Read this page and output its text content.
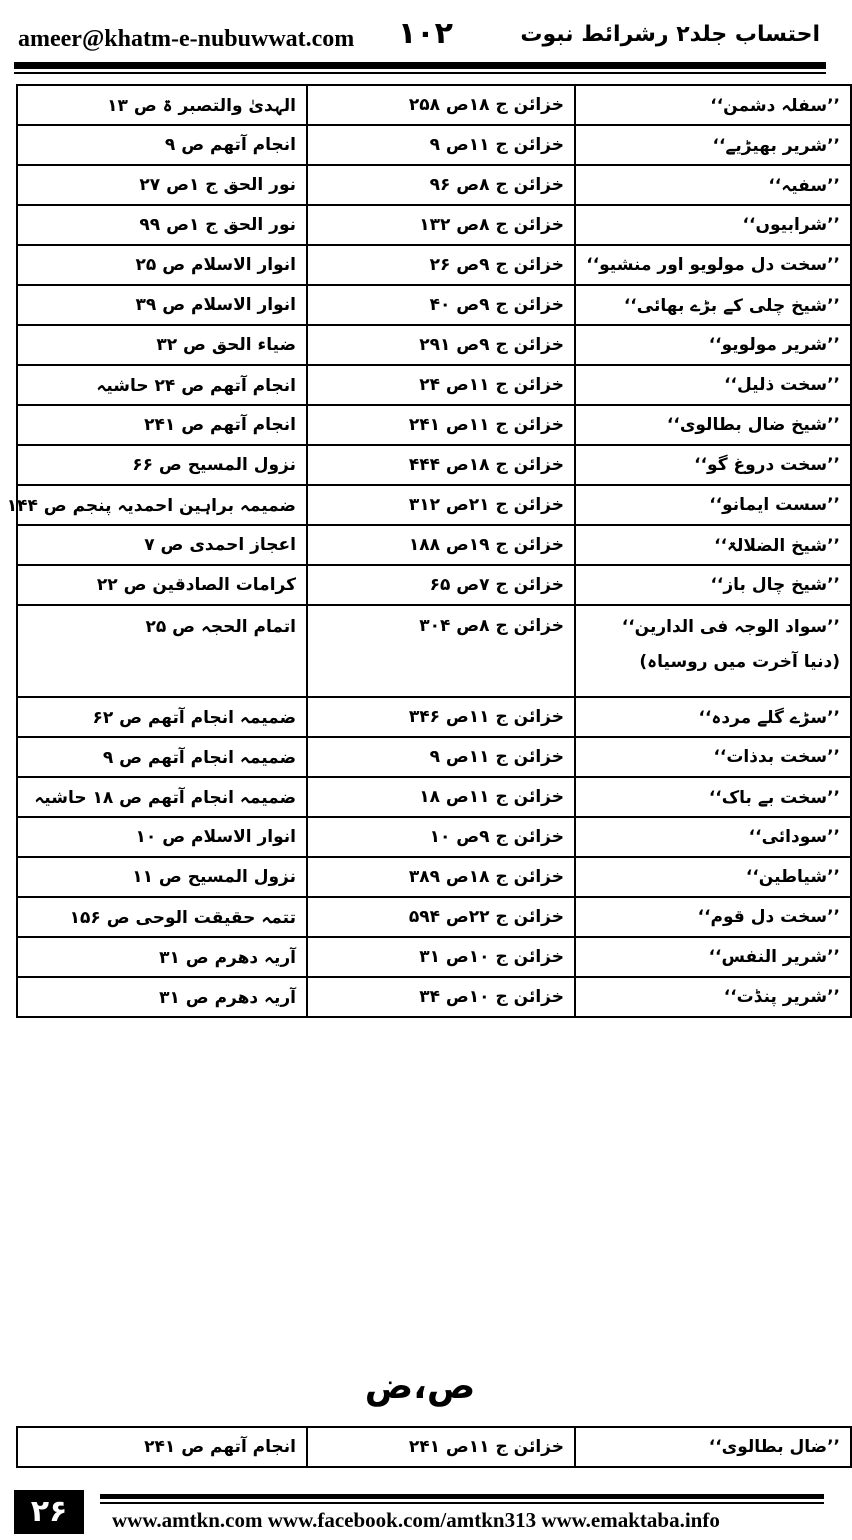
ameer@khatm-e-nubuwwat.com ۱۰۲	احتساب جلد۲ رشرائط نبوت
’’سفلہ دشمن‘‘	خزائن ج ۱۸ص ۲۵۸	الہدیٰ والتصبر ۃ ص ۱۳
’’شریر بھیڑیے‘‘	خزائن ج ۱۱ص ۹	انجام آتھم ص ۹
’’سفیہ‘‘	خزائن ج ۸ص ۹۶	نور الحق ج ۱ص ۲۷
’’شرابیوں‘‘	خزائن ج ۸ص ۱۳۲	نور الحق ج ۱ص ۹۹
’’سخت دل مولویو اور منشیو‘‘	خزائن ج ۹ص ۲۶	انوار الاسلام ص ۲۵
’’شیخ چلی کے بڑے بھائی‘‘	خزائن ج ۹ص ۴۰	انوار الاسلام ص ۳۹
’’شریر مولویو‘‘	خزائن ج ۹ص ۲۹۱	ضیاء الحق ص ۳۲
’’سخت ذلیل‘‘	خزائن ج ۱۱ص ۲۴	انجام آتھم ص ۲۴ حاشیہ
’’شیخ ضال بطالوی‘‘	خزائن ج ۱۱ص ۲۴۱	انجام آتھم ص ۲۴۱
’’سخت دروغ گو‘‘	خزائن ج ۱۸ص ۴۴۴	نزول المسیح ص ۶۶
’’سست ایمانو‘‘	خزائن ج ۲۱ص ۳۱۲	ضمیمہ براہین احمدیہ پنجم ص ۱۴۴
’’شیخ الضلالۃ‘‘	خزائن ج ۱۹ص ۱۸۸	اعجاز احمدی ص ۷
’’شیخ چال باز‘‘	خزائن ج ۷ص ۶۵	کرامات الصادقین ص ۲۲
’’سواد الوجہ فی الدارین‘‘
(دنیا آخرت میں روسیاہ)	خزائن ج ۸ص ۳۰۴	اتمام الحجہ ص ۲۵
’’سڑے گلے مردہ‘‘	خزائن ج ۱۱ص ۳۴۶	ضمیمہ انجام آتھم ص ۶۲
’’سخت بدذات‘‘	خزائن ج ۱۱ص ۹	ضمیمہ انجام آتھم ص ۹
’’سخت بے باک‘‘	خزائن ج ۱۱ص ۱۸	ضمیمہ انجام آتھم ص ۱۸ حاشیہ
’’سودائی‘‘	خزائن ج ۹ص ۱۰	انوار الاسلام ص ۱۰
’’شیاطین‘‘	خزائن ج ۱۸ص ۳۸۹	نزول المسیح ص ۱۱
’’سخت دل قوم‘‘	خزائن ج ۲۲ص ۵۹۴	تتمہ حقیقت الوحی ص ۱۵۶
’’شریر النفس‘‘	خزائن ج ۱۰ص ۳۱	آریہ دھرم ص ۳۱
’’شریر پنڈت‘‘	خزائن ج ۱۰ص ۳۴	آریہ دھرم ص ۳۱
ص،ض
’’ضال بطالوی‘‘	خزائن ج ۱۱ص ۲۴۱	انجام آتھم ص ۲۴۱
۲۶	www.amtkn.com www.facebook.com/amtkn313 www.emaktaba.info
